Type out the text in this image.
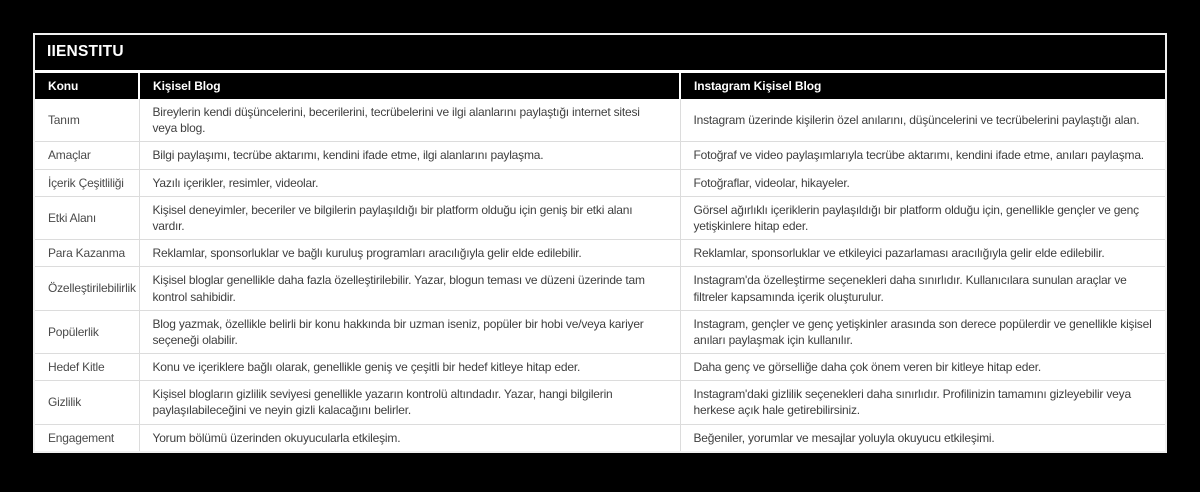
IIENSTITU
Konu	Kişisel Blog	Instagram Kişisel Blog
Tanım	Bireylerin kendi düşüncelerini, becerilerini, tecrübelerini ve ilgi alanlarını paylaştığı internet sitesi veya blog.	Instagram üzerinde kişilerin özel anılarını, düşüncelerini ve tecrübelerini paylaştığı alan.
Amaçlar	Bilgi paylaşımı, tecrübe aktarımı, kendini ifade etme, ilgi alanlarını paylaşma.	Fotoğraf ve video paylaşımlarıyla tecrübe aktarımı, kendini ifade etme, anıları paylaşma.
İçerik Çeşitliliği	Yazılı içerikler, resimler, videolar.	Fotoğraflar, videolar, hikayeler.
Etki Alanı	Kişisel deneyimler, beceriler ve bilgilerin paylaşıldığı bir platform olduğu için geniş bir etki alanı vardır.	Görsel ağırlıklı içeriklerin paylaşıldığı bir platform olduğu için, genellikle gençler ve genç yetişkinlere hitap eder.
Para Kazanma	Reklamlar, sponsorluklar ve bağlı kuruluş programları aracılığıyla gelir elde edilebilir.	Reklamlar, sponsorluklar ve etkileyici pazarlaması aracılığıyla gelir elde edilebilir.
Özelleştirilebilirlik	Kişisel bloglar genellikle daha fazla özelleştirilebilir. Yazar, blogun teması ve düzeni üzerinde tam kontrol sahibidir.	Instagram'da özelleştirme seçenekleri daha sınırlıdır. Kullanıcılara sunulan araçlar ve filtreler kapsamında içerik oluşturulur.
Popülerlik	Blog yazmak, özellikle belirli bir konu hakkında bir uzman iseniz, popüler bir hobi ve/veya kariyer seçeneği olabilir.	Instagram, gençler ve genç yetişkinler arasında son derece popülerdir ve genellikle kişisel anıları paylaşmak için kullanılır.
Hedef Kitle	Konu ve içeriklere bağlı olarak, genellikle geniş ve çeşitli bir hedef kitleye hitap eder.	Daha genç ve görselliğe daha çok önem veren bir kitleye hitap eder.
Gizlilik	Kişisel blogların gizlilik seviyesi genellikle yazarın kontrolü altındadır. Yazar, hangi bilgilerin paylaşılabileceğini ve neyin gizli kalacağını belirler.	Instagram'daki gizlilik seçenekleri daha sınırlıdır. Profilinizin tamamını gizleyebilir veya herkese açık hale getirebilirsiniz.
Engagement	Yorum bölümü üzerinden okuyucularla etkileşim.	Beğeniler, yorumlar ve mesajlar yoluyla okuyucu etkileşimi.
